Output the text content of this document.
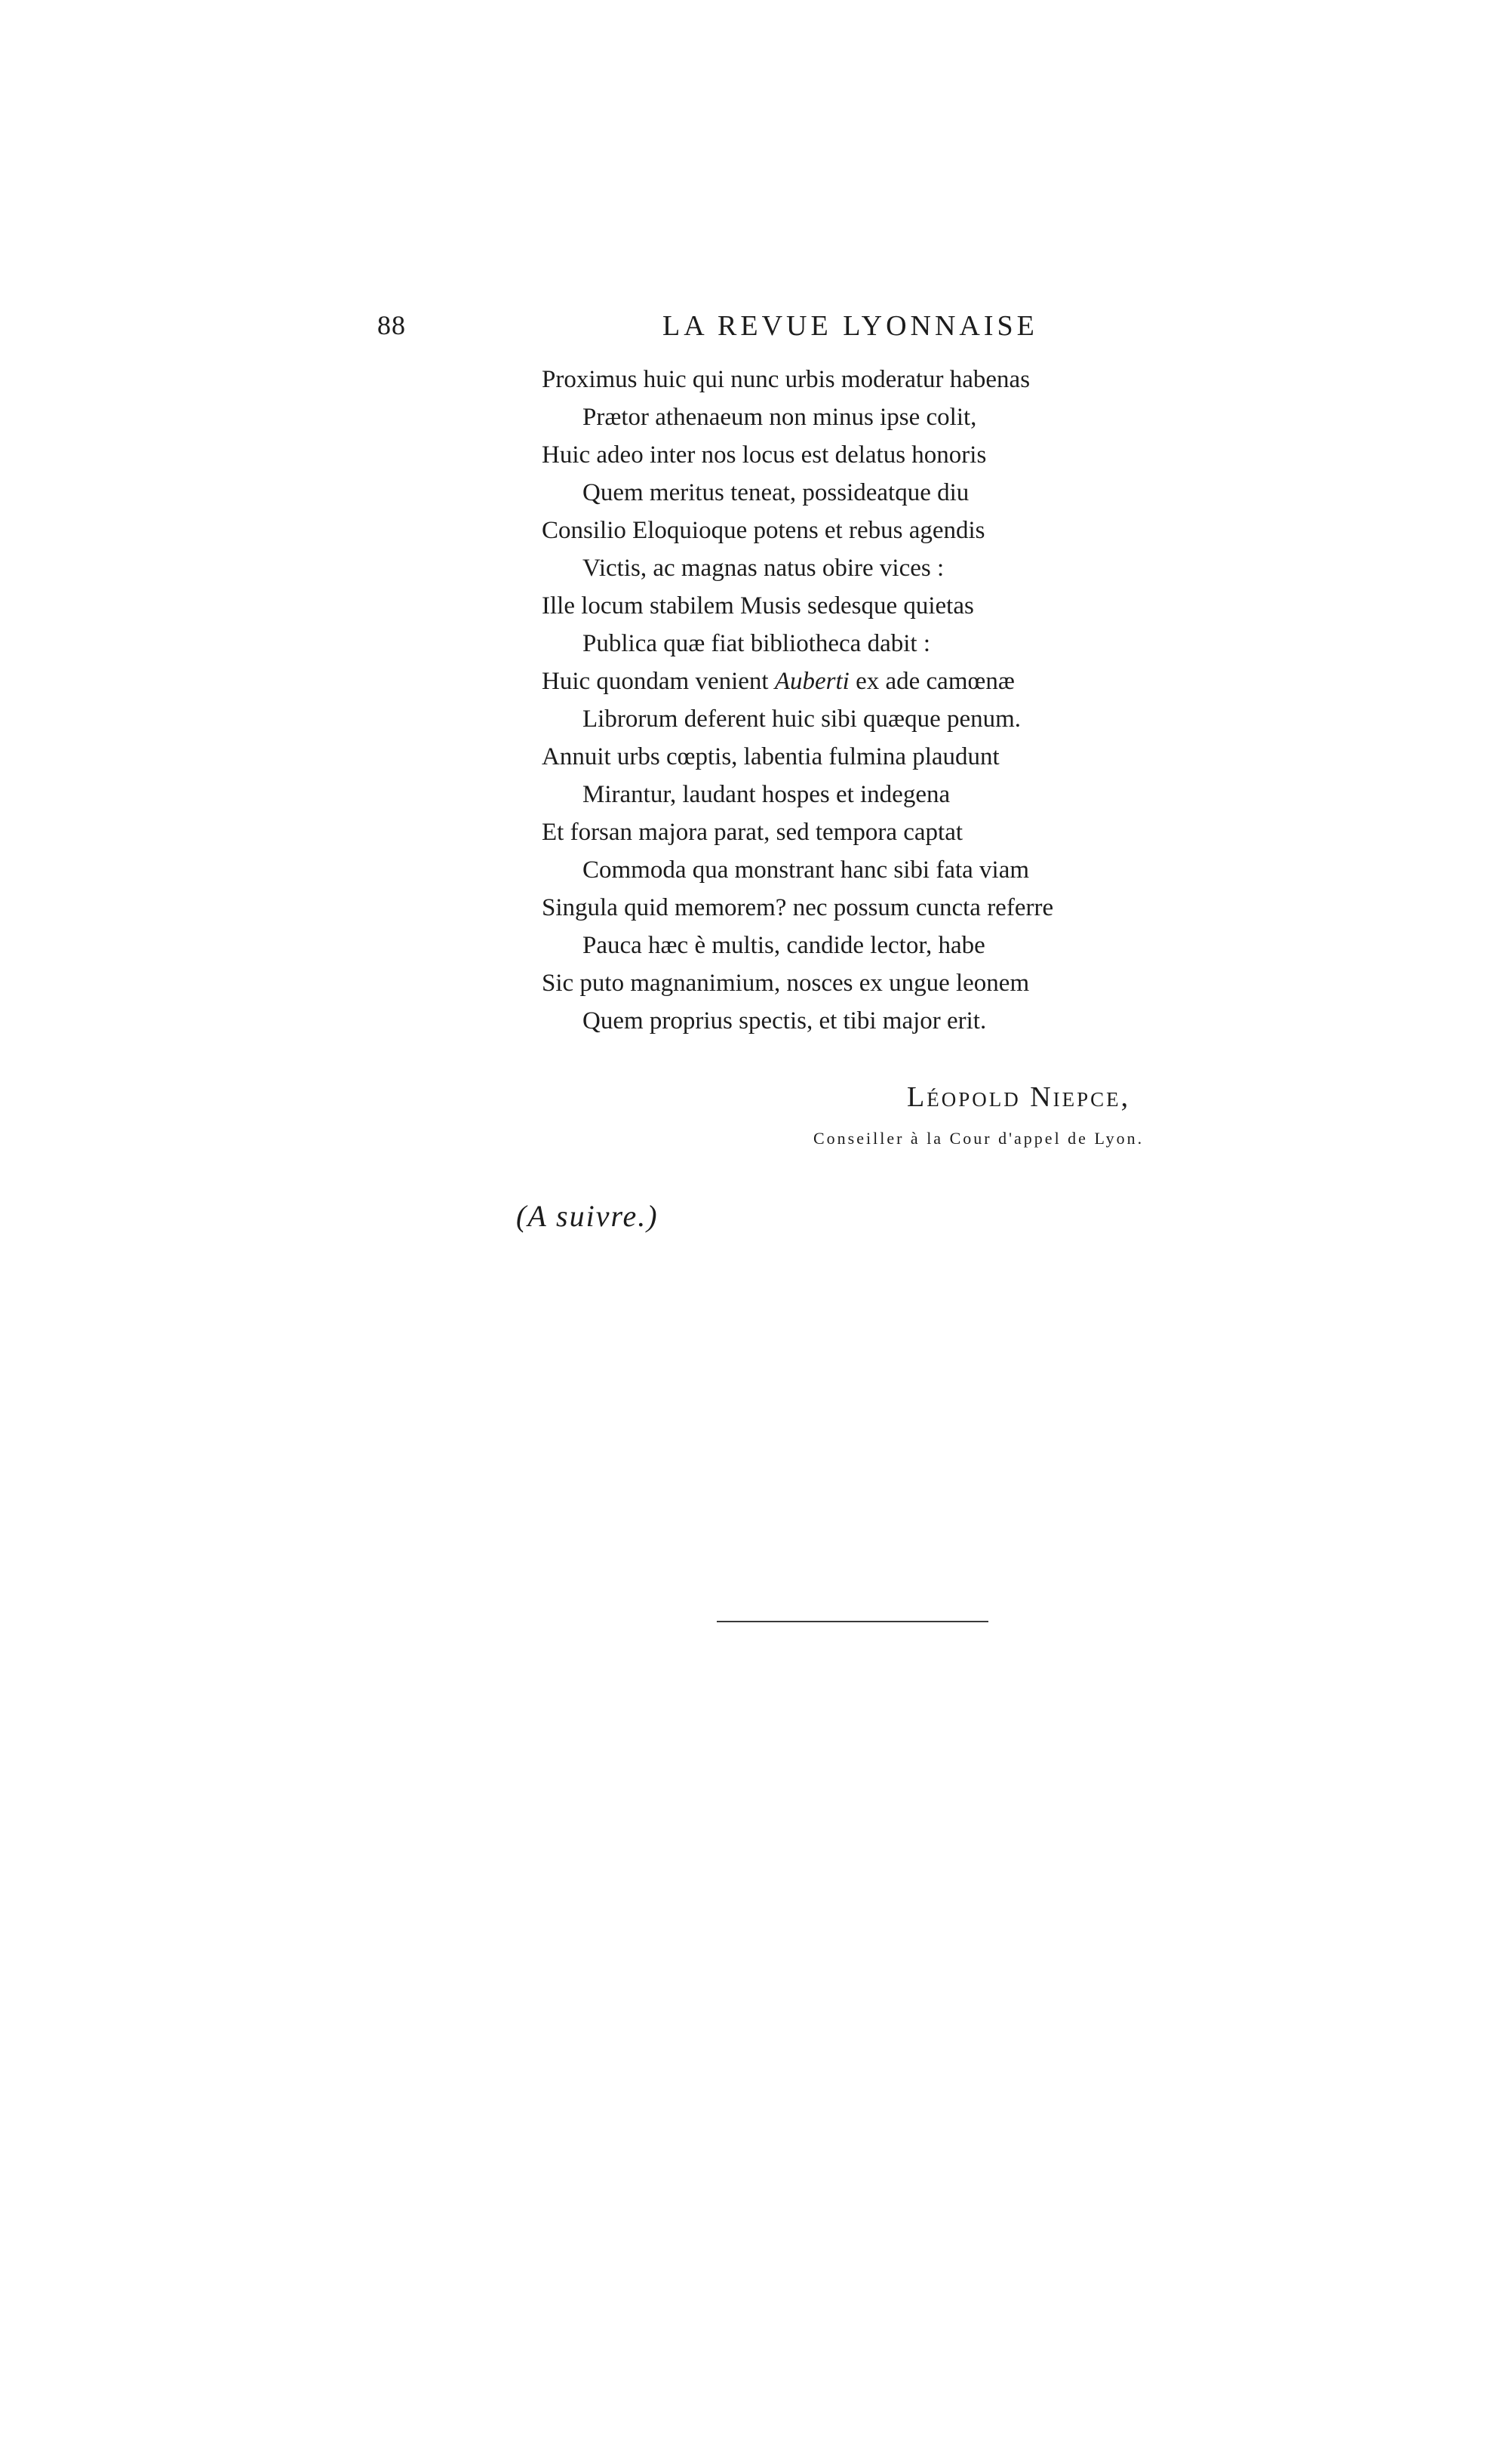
88	LA REVUE LYONNAISE
Proximus huic qui nunc urbis moderatur habenas
Prætor athenaeum non minus ipse colit,
Huic adeo inter nos locus est delatus honoris
Quem meritus teneat, possideatque diu
Consilio Eloquioque potens et rebus agendis
Victis, ac magnas natus obire vices :
Ille locum stabilem Musis sedesque quietas
Publica quæ fiat bibliotheca dabit :
Huic quondam venient Auberti ex ade camœnæ
Librorum deferent huic sibi quæque penum.
Annuit urbs cœptis, labentia fulmina plaudunt
Mirantur, laudant hospes et indegena
Et forsan majora parat, sed tempora captat
Commoda qua monstrant hanc sibi fata viam
Singula quid memorem? nec possum cuncta referre
Pauca hæc è multis, candide lector, habe
Sic puto magnanimium, nosces ex ungue leonem
Quem proprius spectis, et tibi major erit.
Léopold Niepce,
Conseiller à la Cour d'appel de Lyon.
(A suivre.)
